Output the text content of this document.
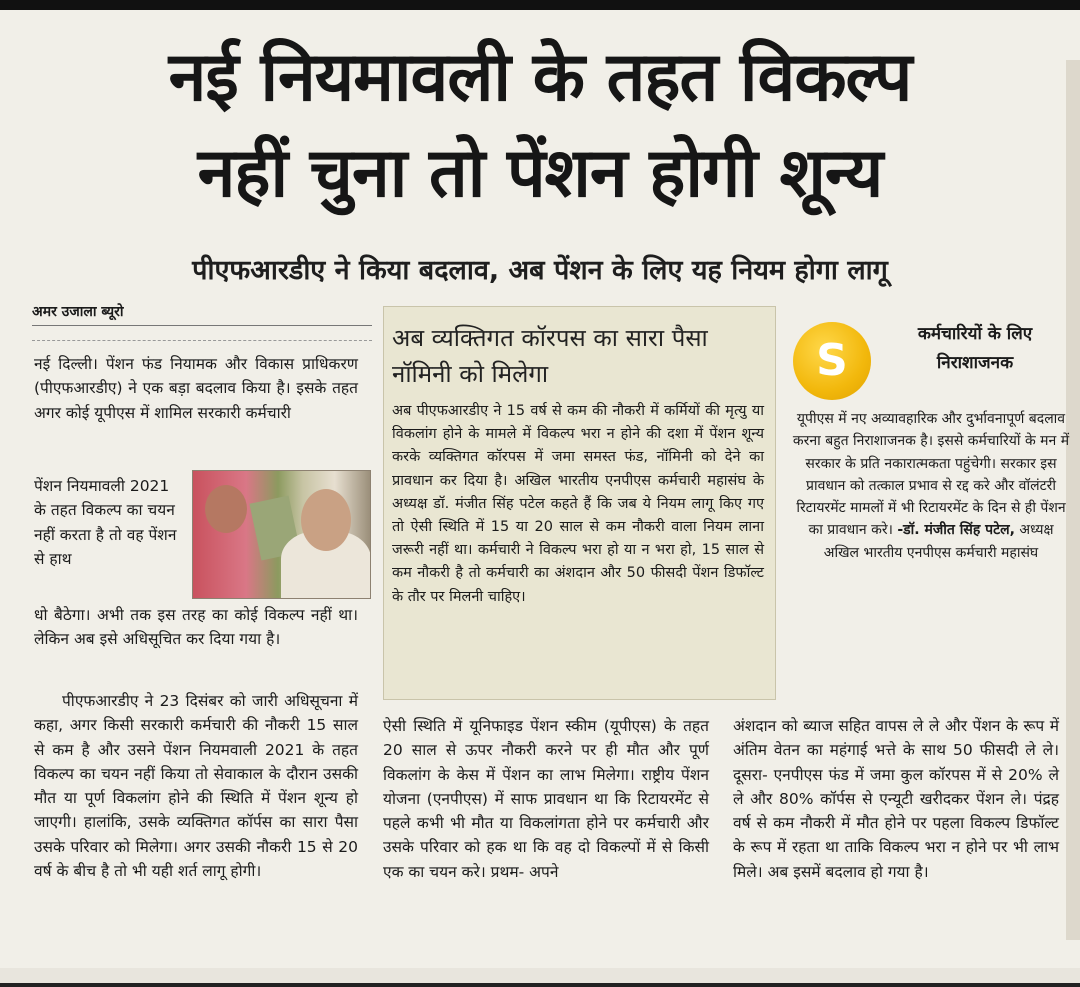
नई नियमावली के तहत विकल्प
नहीं चुना तो पेंशन होगी शून्य
पीएफआरडीए ने किया बदलाव, अब पेंशन के लिए यह नियम होगा लागू
अमर उजाला ब्यूरो
नई दिल्ली। पेंशन फंड नियामक और विकास प्राधिकरण (पीएफआरडीए) ने एक बड़ा बदलाव किया है। इसके तहत अगर कोई यूपीएस में शामिल सरकारी कर्मचारी
पेंशन नियमावली 2021 के तहत विकल्प का चयन नहीं करता है तो वह पेंशन से हाथ
धो बैठेगा। अभी तक इस तरह का कोई विकल्प नहीं था। लेकिन अब इसे अधिसूचित कर दिया गया है।
पीएफआरडीए ने 23 दिसंबर को जारी अधिसूचना में कहा, अगर किसी सरकारी कर्मचारी की नौकरी 15 साल से कम है और उसने पेंशन नियमवाली 2021 के तहत विकल्प का चयन नहीं किया तो सेवाकाल के दौरान उसकी मौत या पूर्ण विकलांग होने की स्थिति में पेंशन शून्य हो जाएगी। हालांकि, उसके व्यक्तिगत कॉर्पस का सारा पैसा उसके परिवार को मिलेगा। अगर उसकी नौकरी 15 से 20 वर्ष के बीच है तो भी यही शर्त लागू होगी।
अब व्यक्तिगत कॉरपस का सारा पैसा नॉमिनी को मिलेगा
अब पीएफआरडीए ने 15 वर्ष से कम की नौकरी में कर्मियों की मृत्यु या विकलांग होने के मामले में विकल्प भरा न होने की दशा में पेंशन शून्य करके व्यक्तिगत कॉरपस में जमा समस्त फंड, नॉमिनी को देने का प्रावधान कर दिया है। अखिल भारतीय एनपीएस कर्मचारी महासंघ के अध्यक्ष डॉ. मंजीत सिंह पटेल कहते हैं कि जब ये नियम लागू किए गए तो ऐसी स्थिति में 15 या 20 साल से कम नौकरी वाला नियम लाना जरूरी नहीं था। कर्मचारी ने विकल्प भरा हो या न भरा हो, 15 साल से कम नौकरी है तो कर्मचारी का अंशदान और 50 फीसदी पेंशन डिफॉल्ट के तौर पर मिलनी चाहिए।
S
कर्मचारियों के लिए निराशाजनक
यूपीएस में नए अव्यावहारिक और दुर्भावनापूर्ण बदलाव करना बहुत निराशाजनक है। इससे कर्मचारियों के मन में सरकार के प्रति नकारात्मकता पहुंचेगी। सरकार इस प्रावधान को तत्काल प्रभाव से रद्द करे और वॉलंटरी रिटायरमेंट मामलों में भी रिटायरमेंट के दिन से ही पेंशन का प्रावधान करे। -डॉ. मंजीत सिंह पटेल, अध्यक्ष अखिल भारतीय एनपीएस कर्मचारी महासंघ
ऐसी स्थिति में यूनिफाइड पेंशन स्कीम (यूपीएस) के तहत 20 साल से ऊपर नौकरी करने पर ही मौत और पूर्ण विकलांग के केस में पेंशन का लाभ मिलेगा। राष्ट्रीय पेंशन योजना (एनपीएस) में साफ प्रावधान था कि रिटायरमेंट से पहले कभी भी मौत या विकलांगता होने पर कर्मचारी और उसके परिवार को हक था कि वह दो विकल्पों में से किसी एक का चयन करे। प्रथम- अपने
अंशदान को ब्याज सहित वापस ले ले और पेंशन के रूप में अंतिम वेतन का महंगाई भत्ते के साथ 50 फीसदी ले ले। दूसरा- एनपीएस फंड में जमा कुल कॉरपस में से 20% ले ले और 80% कॉर्पस से एन्यूटी खरीदकर पेंशन ले। पंद्रह वर्ष से कम नौकरी में मौत होने पर पहला विकल्प डिफॉल्ट के रूप में रहता था ताकि विकल्प भरा न होने पर भी लाभ मिले। अब इसमें बदलाव हो गया है।
